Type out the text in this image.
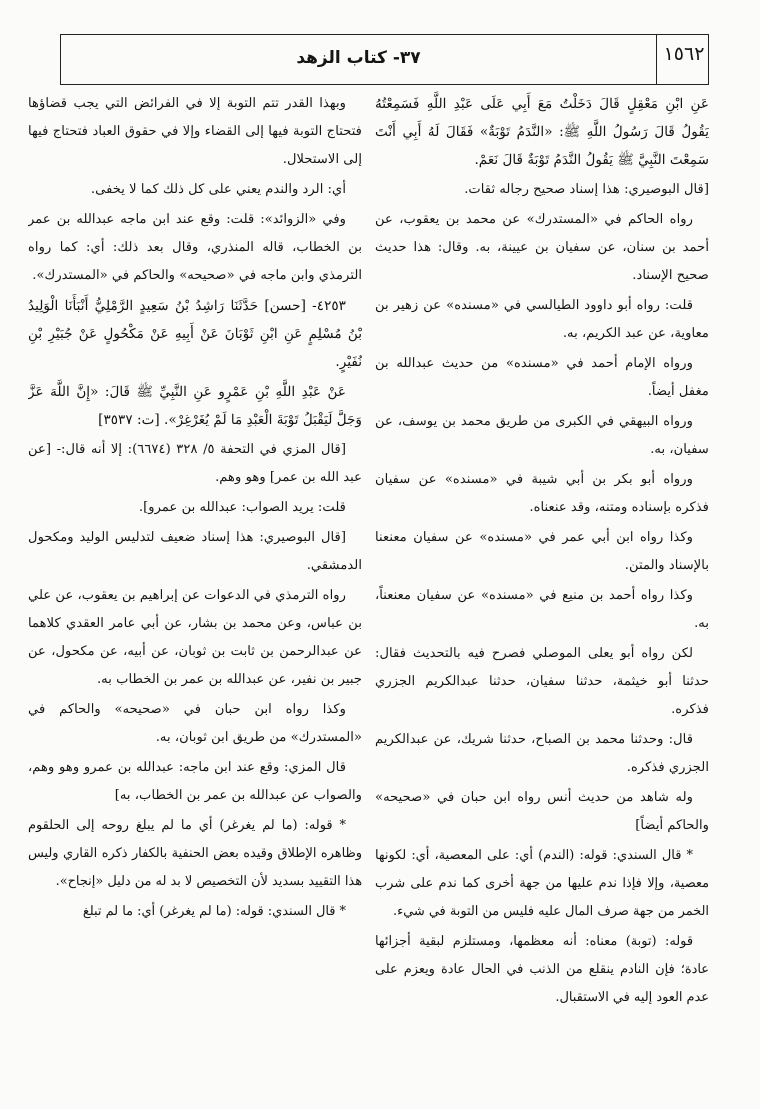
١٥٦٢
٣٧- كتاب الزهد

عَنِ ابْنِ مَعْقِلٍ قَالَ دَخَلْتُ مَعَ أَبِي عَلَى عَبْدِ اللَّهِ فَسَمِعْتُهُ يَقُولُ قَالَ رَسُولُ اللَّهِ ﷺ: «النَّدَمُ تَوْبَةٌ» فَقَالَ لَهُ أَبِي أَنْتَ سَمِعْتَ النَّبِيَّ ﷺ يَقُولُ النَّدَمُ تَوْبَةٌ قَالَ نَعَمْ.

[قال البوصيري: هذا إسناد صحيح رجاله ثقات.

رواه الحاكم في «المستدرك» عن محمد بن يعقوب، عن أحمد بن سنان، عن سفيان بن عيينة، به. وقال: هذا حديث صحيح الإسناد.

قلت: رواه أبو داوود الطيالسي في «مسنده» عن زهير بن معاوية، عن عبد الكريم، به.

ورواه الإمام أحمد في «مسنده» من حديث عبدالله بن مغفل أيضاً.

ورواه البيهقي في الكبرى من طريق محمد بن يوسف، عن سفيان، به.

ورواه أبو بكر بن أبي شيبة في «مسنده» عن سفيان فذكره بإسناده ومتنه، وقد عنعناه.

وكذا رواه ابن أبي عمر في «مسنده» عن سفيان معنعنا بالإسناد والمتن.

وكذا رواه أحمد بن منيع في «مسنده» عن سفيان معنعناً، به.

لكن رواه أبو يعلى الموصلي فصرح فيه بالتحديث فقال: حدثنا أبو خيثمة، حدثنا سفيان، حدثنا عبدالكريم الجزري فذكره.

قال: وحدثنا محمد بن الصباح، حدثنا شريك، عن عبدالكريم الجزري فذكره.

وله شاهد من حديث أنس رواه ابن حبان في «صحيحه» والحاكم أيضاً]

* قال السندي: قوله: (الندم) أي: على المعصية، أي: لكونها معصية، وإلا فإذا ندم عليها من جهة أخرى كما ندم على شرب الخمر من جهة صرف المال عليه فليس من التوبة في شيء.

قوله: (توبة) معناه: أنه معظمها، ومستلزم لبقية أجزائها عادة؛ فإن النادم ينقلع من الذنب في الحال عادة ويعزم على عدم العود إليه في الاستقبال.

وبهذا القدر تتم التوبة إلا في الفرائض التي يجب قضاؤها فتحتاج التوبة فيها إلى القضاء وإلا في حقوق العباد فتحتاج فيها إلى الاستحلال.

أي: الرد والندم يعني على كل ذلك كما لا يخفى.

وفي «الزوائد»: قلت: وقع عند ابن ماجه عبدالله بن عمر بن الخطاب، قاله المنذري، وقال بعد ذلك: أي: كما رواه الترمذي وابن ماجه في «صحيحه» والحاكم في «المستدرك».

٤٢٥٣- [حسن] حَدَّثَنَا رَاشِدُ بْنُ سَعِيدٍ الرَّمْلِيُّ أَنْبَأَنَا الْوَلِيدُ بْنُ مُسْلِمٍ عَنِ ابْنِ ثَوْبَانَ عَنْ أَبِيهِ عَنْ مَكْحُولٍ عَنْ جُبَيْرِ بْنِ نُفَيْرٍ.

عَنْ عَبْدِ اللَّهِ بْنِ عَمْرٍو عَنِ النَّبِيِّ ﷺ قَالَ: «إِنَّ اللَّهَ عَزَّ وَجَلَّ لَيَقْبَلُ تَوْبَةَ الْعَبْدِ مَا لَمْ يُغَرْغِرْ». [ت: ٣٥٣٧]

[قال المزي في التحفة ٥/ ٣٢٨ (٦٦٧٤): إلا أنه قال:- [عن عبد الله بن عمر] وهو وهم.

قلت: يريد الصواب: عبدالله بن عمرو].

[قال البوصيري: هذا إسناد ضعيف لتدليس الوليد ومكحول الدمشقي.

رواه الترمذي في الدعوات عن إبراهيم بن يعقوب، عن علي بن عباس، وعن محمد بن بشار، عن أبي عامر العقدي كلاهما عن عبدالرحمن بن ثابت بن ثوبان، عن أبيه، عن مكحول، عن جبير بن نفير، عن عبدالله بن عمر بن الخطاب به.

وكذا رواه ابن حبان في «صحيحه» والحاكم في «المستدرك» من طريق ابن ثوبان، به.

قال المزي: وقع عند ابن ماجه: عبدالله بن عمرو وهو وهم، والصواب عن عبدالله بن عمر بن الخطاب، به]

* قوله: (ما لم يغرغر) أي ما لم يبلغ روحه إلى الحلقوم وظاهره الإطلاق وقيده بعض الحنفية بالكفار ذكره القاري وليس هذا التقييد بسديد لأن التخصيص لا بد له من دليل «إنجاح».

* قال السندي: قوله: (ما لم يغرغر) أي: ما لم تبلغ
